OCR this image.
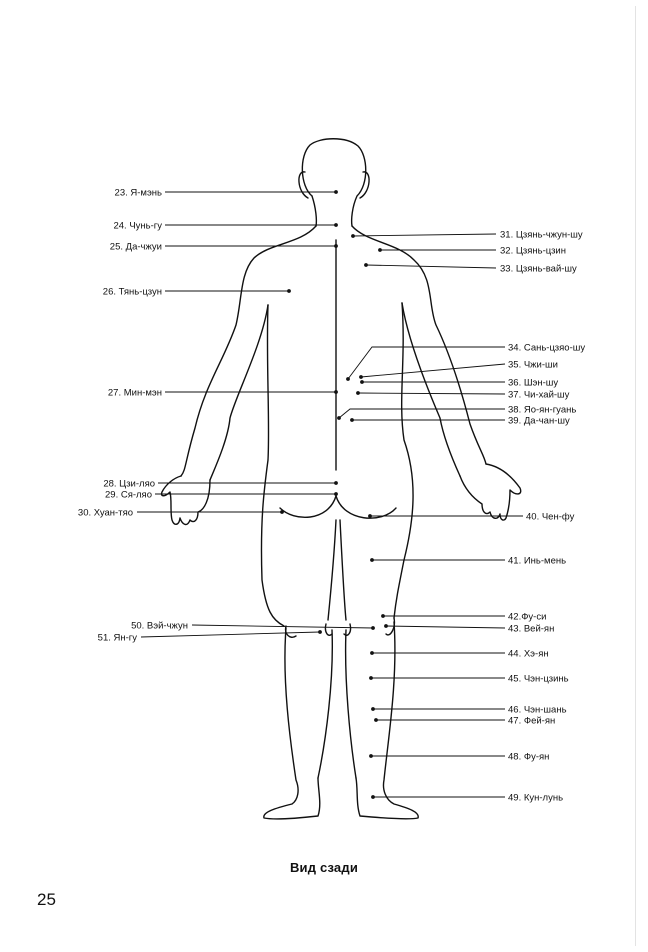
23. Я-мэнь
24. Чунь-гу
25. Да-чжуи
26. Тянь-цзун
27. Мин-мэн
28. Цзи-ляо
29. Ся-ляо
30. Хуан-тяо
50. Вэй-чжун
51. Ян-гу
31. Цзянь-чжун-шу
32. Цзянь-цзин
33. Цзянь-вай-шу
34. Сань-цзяо-шу
35. Чжи-ши
36. Шэн-шу
37. Чи-хай-шу
38. Яо-ян-гуань
39. Да-чан-шу
40. Чен-фу
41. Инь-мень
42.Фу-си
43. Вей-ян
44. Хэ-ян
45. Чэн-цзинь
46. Чэн-шань
47. Фей-ян
48. Фу-ян
49. Кун-лунь
Вид сзади
25
